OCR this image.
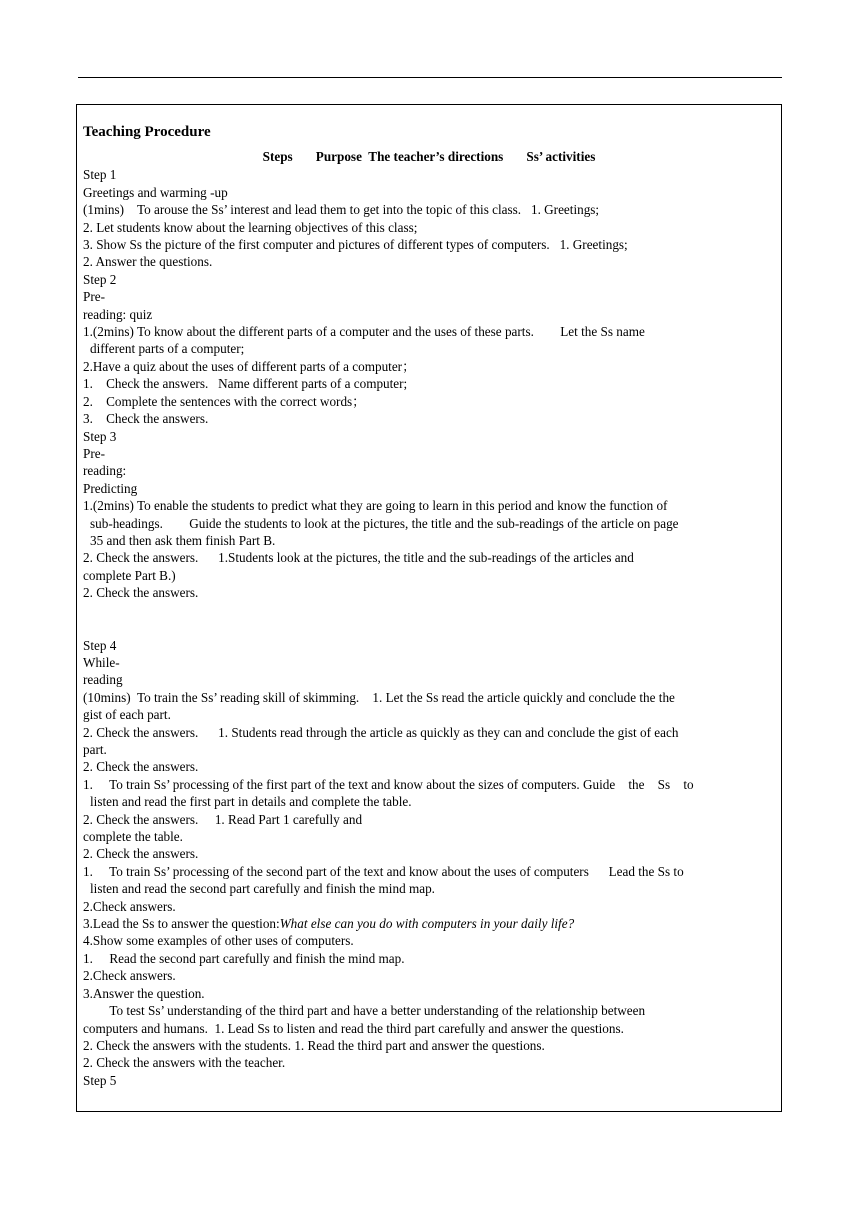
Teaching Procedure
Steps       Purpose  The teacher’s directions       Ss’ activities
Step 1
Greetings and warming -up
(1mins)    To arouse the Ss’ interest and lead them to get into the topic of this class.   1. Greetings;
2. Let students know about the learning objectives of this class;
3. Show Ss the picture of the first computer and pictures of different types of computers.   1. Greetings;
2. Answer the questions.
Step 2
Pre-
reading: quiz
1.(2mins) To know about the different parts of a computer and the uses of these parts.        Let the Ss name
different parts of a computer;
2.Have a quiz about the uses of different parts of a computer；
1.    Check the answers.   Name different parts of a computer;
2.    Complete the sentences with the correct words；
3.    Check the answers.
Step 3
Pre-
reading:
Predicting
1.(2mins) To enable the students to predict what they are going to learn in this period and know the function of
sub-headings.        Guide the students to look at the pictures, the title and the sub-readings of the article on page
35 and then ask them finish Part B.
2. Check the answers.      1.Students look at the pictures, the title and the sub-readings of the articles and
complete Part B.)
2. Check the answers.
Step 4
While-
reading
(10mins)  To train the Ss’ reading skill of skimming.    1. Let the Ss read the article quickly and conclude the the
gist of each part.
2. Check the answers.      1. Students read through the article as quickly as they can and conclude the gist of each
part.
2. Check the answers.
1.     To train Ss’ processing of the first part of the text and know about the sizes of computers. Guide    the    Ss    to
listen and read the first part in details and complete the table.
2. Check the answers.     1. Read Part 1 carefully and
complete the table.
2. Check the answers.
1.     To train Ss’ processing of the second part of the text and know about the uses of computers      Lead the Ss to
listen and read the second part carefully and finish the mind map.
2.Check answers.
3.Lead the Ss to answer the question:What else can you do with computers in your daily life?
4.Show some examples of other uses of computers.
1.     Read the second part carefully and finish the mind map.
2.Check answers.
3.Answer the question.
To test Ss’ understanding of the third part and have a better understanding of the relationship between
computers and humans.  1. Lead Ss to listen and read the third part carefully and answer the questions.
2. Check the answers with the students. 1. Read the third part and answer the questions.
2. Check the answers with the teacher.
Step 5
